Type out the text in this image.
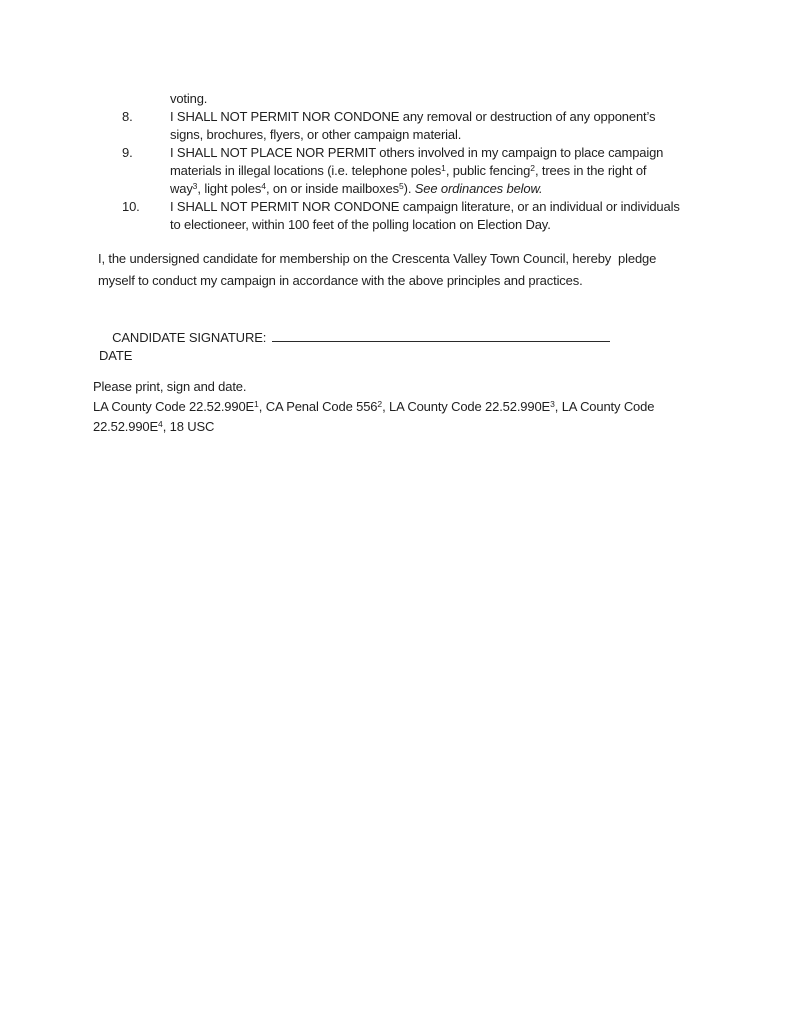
voting.
8.	I SHALL NOT PERMIT NOR CONDONE any removal or destruction of any opponent’s
signs, brochures, flyers, or other campaign material.
9.	I SHALL NOT PLACE NOR PERMIT others involved in my campaign to place campaign
materials in illegal locations (i.e. telephone poles$^1$, public fencing$^2$, trees in the right of
way$^3$, light poles$^4$, on or inside mailboxes$^5$). See ordinances below.
10.	I SHALL NOT PERMIT NOR CONDONE campaign literature, or an individual or individuals
to electioneer, within 100 feet of the polling location on Election Day.
I, the undersigned candidate for membership on the Crescenta Valley Town Council, hereby  pledge
myself to conduct my campaign in accordance with the above principles and practices.

CANDIDATE SIGNATURE:

DATE
Please print, sign and date.
LA County Code $22.52.990E^1$, CA Penal Code $556^2$, LA County Code $22.52.990E^3$, LA County Code
$22.52.990E^4$, 18 USC
